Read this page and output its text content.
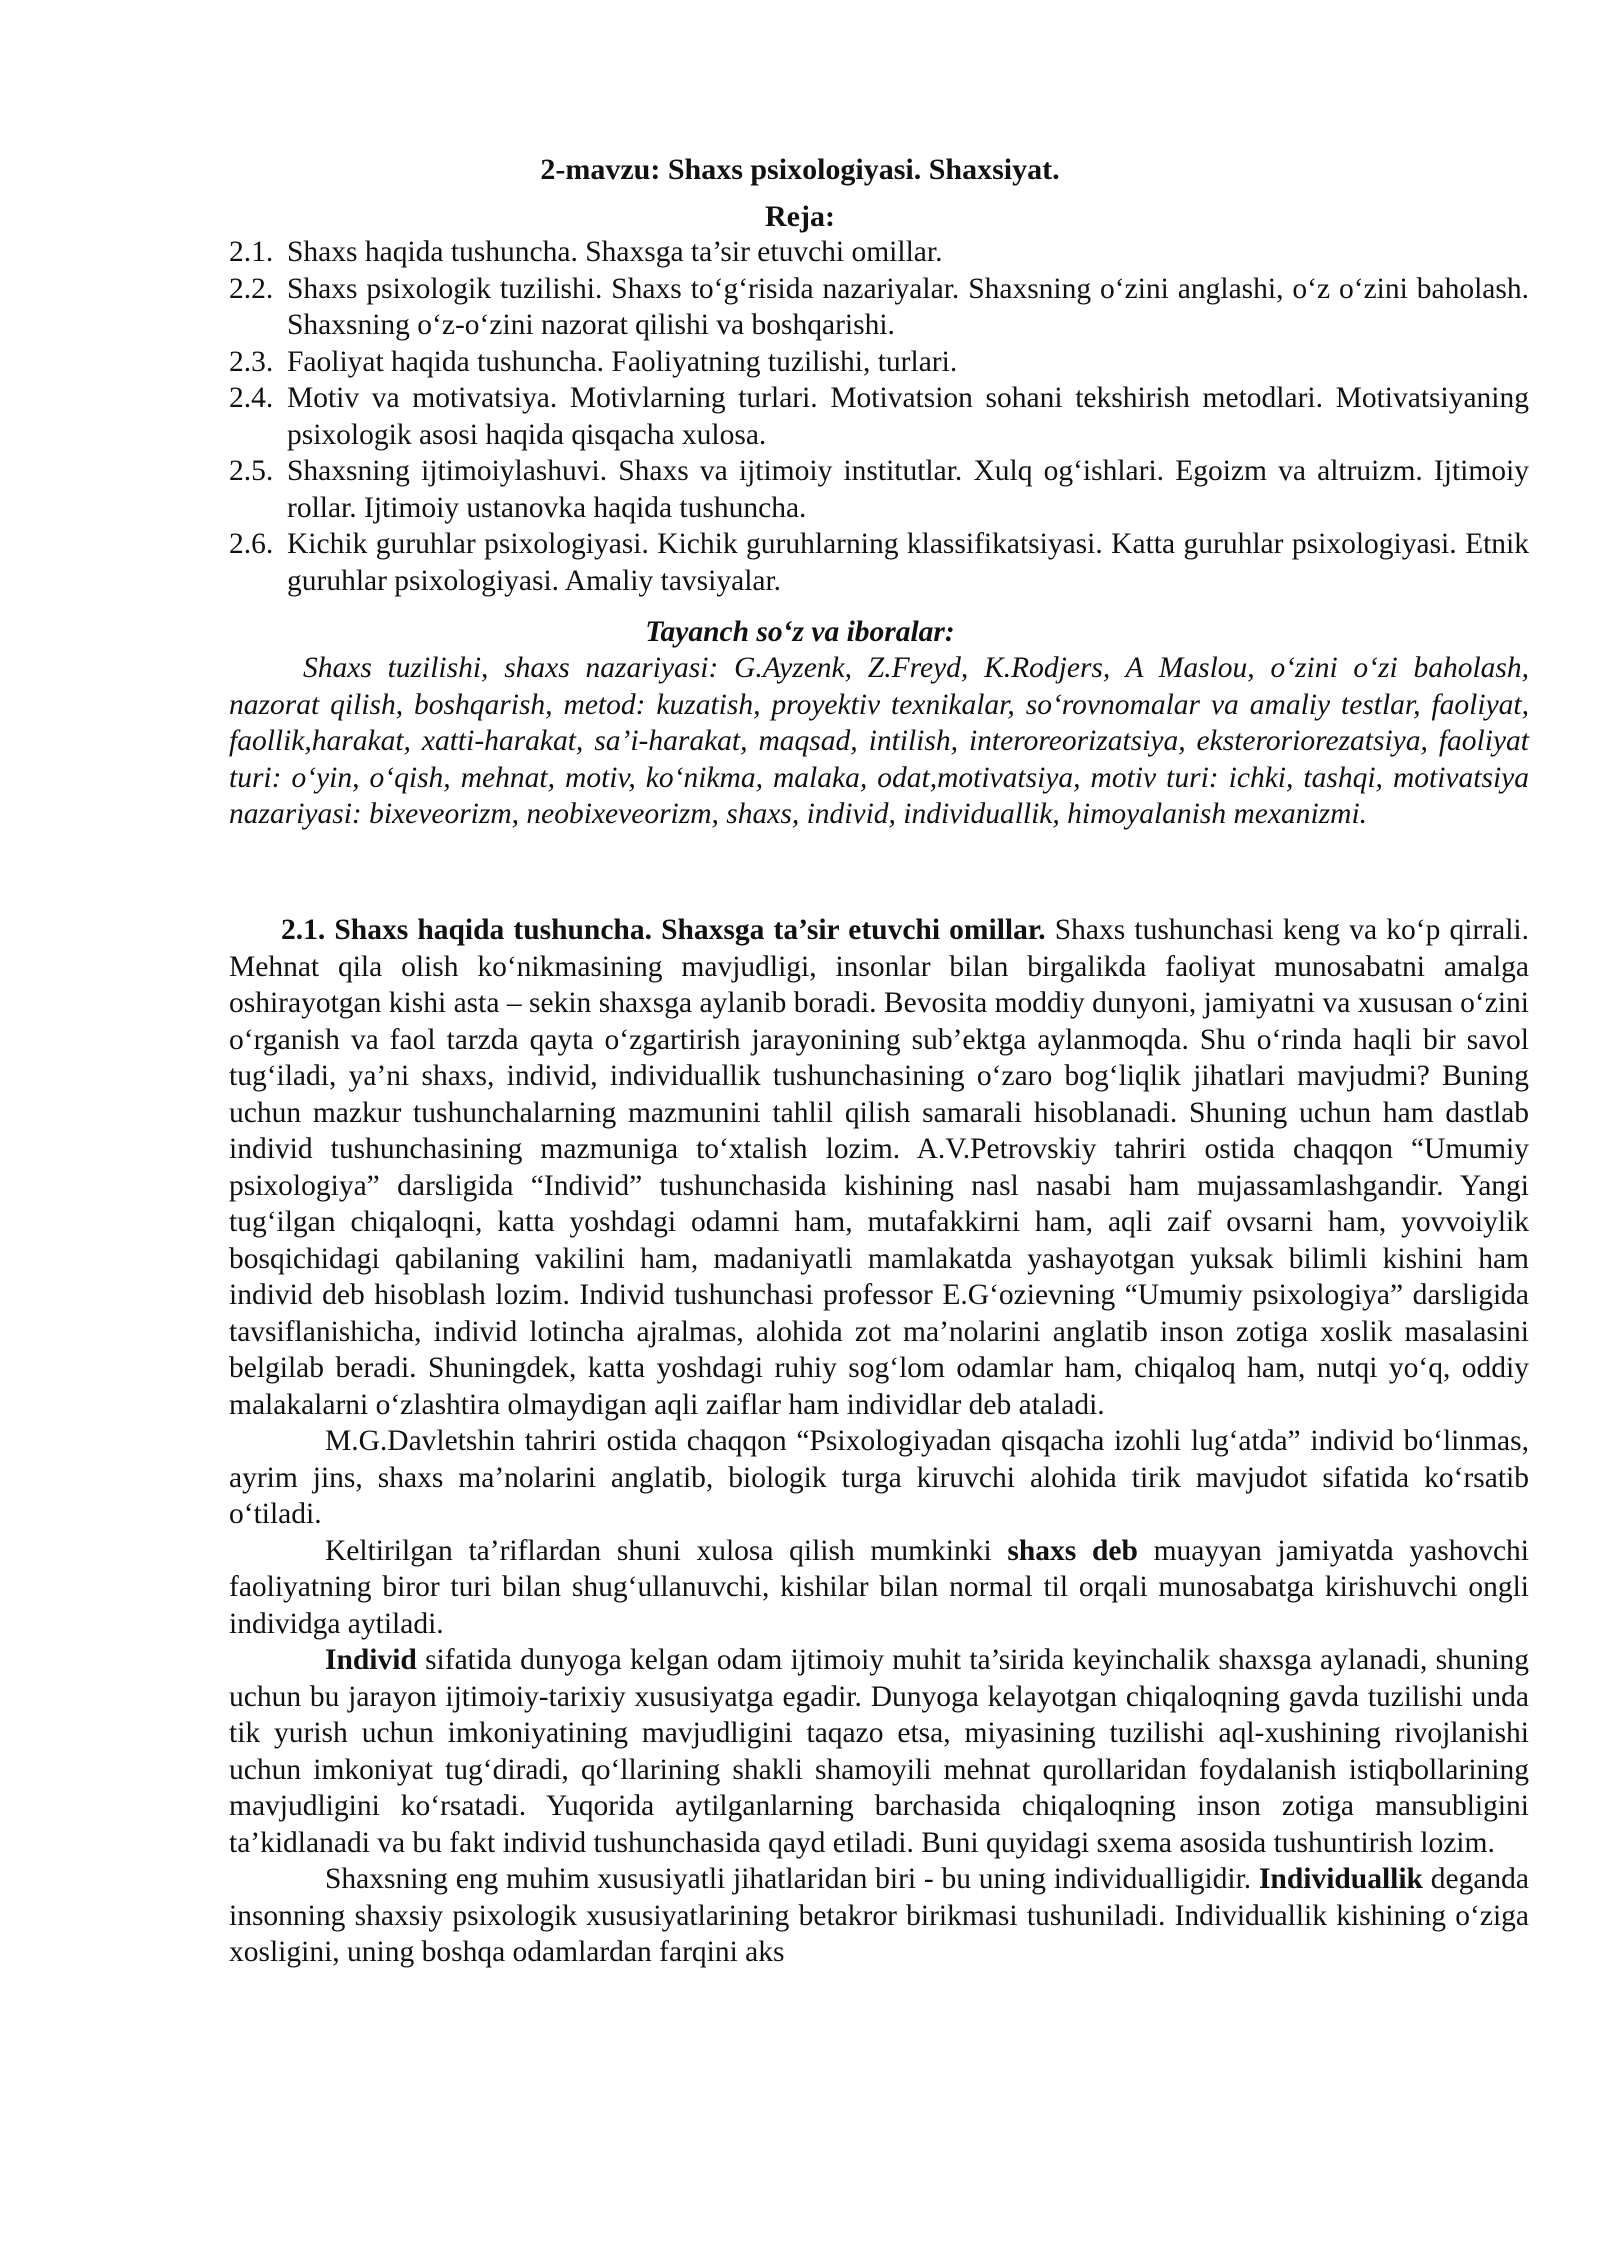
2-mavzu: Shaxs psixologiyasi. Shaxsiyat.
Reja:
2.1. Shaxs haqida tushuncha. Shaxsga ta’sir etuvchi omillar.
2.2. Shaxs psixologik tuzilishi. Shaxs to‘g‘risida nazariyalar. Shaxsning o‘zini anglashi, o‘z o‘zini baholash. Shaxsning o‘z-o‘zini nazorat qilishi va boshqarishi.
2.3. Faoliyat haqida tushuncha. Faoliyatning tuzilishi, turlari.
2.4. Motiv va motivatsiya. Motivlarning turlari. Motivatsion sohani tekshirish metodlari. Motivatsiyaning psixologik asosi haqida qisqacha xulosa.
2.5. Shaxsning ijtimoiylashuvi. Shaxs va ijtimoiy institutlar. Xulq og‘ishlari. Egoizm va altruizm. Ijtimoiy rollar. Ijtimoiy ustanovka haqida tushuncha.
2.6. Kichik guruhlar psixologiyasi. Kichik guruhlarning klassifikatsiyasi. Katta guruhlar psixologiyasi. Etnik guruhlar psixologiyasi. Amaliy tavsiyalar.
Tayanch so‘z va iboralar:
Shaxs tuzilishi, shaxs nazariyasi: G.Ayzenk, Z.Freyd, K.Rodjers, A Maslou, o‘zini o‘zi baholash, nazorat qilish, boshqarish, metod: kuzatish, proyektiv texnikalar, so‘rovnomalar va amaliy testlar, faoliyat, faollik,harakat, xatti-harakat, sa’i-harakat, maqsad, intilish, interoreorizatsiya, eksteroriorezatsiya, faoliyat turi: o‘yin, o‘qish, mehnat, motiv, ko‘nikma, malaka, odat,motivatsiya, motiv turi: ichki, tashqi, motivatsiya nazariyasi: bixeveorizm, neobixeveorizm, shaxs, individ, individuallik, himoyalanish mexanizmi.

2.1. Shaxs haqida tushuncha. Shaxsga ta’sir etuvchi omillar. Shaxs tushunchasi keng va ko‘p qirrali. Mehnat qila olish ko‘nikmasining mavjudligi, insonlar bilan birgalikda faoliyat munosabatni amalga oshirayotgan kishi asta – sekin shaxsga aylanib boradi. Bevosita moddiy dunyoni, jamiyatni va xususan o‘zini o‘rganish va faol tarzda qayta o‘zgartirish jarayonining sub’ektga aylanmoqda. Shu o‘rinda haqli bir savol tug‘iladi, ya’ni shaxs, individ, individuallik tushunchasining o‘zaro bog‘liqlik jihatlari mavjudmi? Buning uchun mazkur tushunchalarning mazmunini tahlil qilish samarali hisoblanadi. Shuning uchun ham dastlab individ tushunchasining mazmuniga to‘xtalish lozim. A.V.Petrovskiy tahriri ostida chaqqon “Umumiy psixologiya” darsligida “Individ” tushunchasida kishining nasl nasabi ham mujassamlashgandir. Yangi tug‘ilgan chiqaloqni, katta yoshdagi odamni ham, mutafakkirni ham, aqli zaif ovsarni ham, yovvoiylik bosqichidagi qabilaning vakilini ham, madaniyatli mamlakatda yashayotgan yuksak bilimli kishini ham individ deb hisoblash lozim. Individ tushunchasi professor E.G‘ozievning “Umumiy psixologiya” darsligida tavsiflanishicha, individ lotincha ajralmas, alohida zot ma’nolarini anglatib inson zotiga xoslik masalasini belgilab beradi. Shuningdek, katta yoshdagi ruhiy sog‘lom odamlar ham, chiqaloq ham, nutqi yo‘q, oddiy malakalarni o‘zlashtira olmaydigan aqli zaiflar ham individlar deb ataladi.

M.G.Davletshin tahriri ostida chaqqon “Psixologiyadan qisqacha izohli lug‘atda” individ bo‘linmas, ayrim jins, shaxs ma’nolarini anglatib, biologik turga kiruvchi alohida tirik mavjudot sifatida ko‘rsatib o‘tiladi.

Keltirilgan ta’riflardan shuni xulosa qilish mumkinki shaxs deb muayyan jamiyatda yashovchi faoliyatning biror turi bilan shug‘ullanuvchi, kishilar bilan normal til orqali munosabatga kirishuvchi ongli individga aytiladi.

Individ sifatida dunyoga kelgan odam ijtimoiy muhit ta’sirida keyinchalik shaxsga aylanadi, shuning uchun bu jarayon ijtimoiy-tarixiy xususiyatga egadir. Dunyoga kelayotgan chiqaloqning gavda tuzilishi unda tik yurish uchun imkoniyatining mavjudligini taqazo etsa, miyasining tuzilishi aql-xushining rivojlanishi uchun imkoniyat tug‘diradi, qo‘llarining shakli shamoyili mehnat qurollaridan foydalanish istiqbollarining mavjudligini ko‘rsatadi. Yuqorida aytilganlarning barchasida chiqaloqning inson zotiga mansubligini ta’kidlanadi va bu fakt individ tushunchasida qayd etiladi. Buni quyidagi sxema asosida tushuntirish lozim.

Shaxsning eng muhim xususiyatli jihatlaridan biri - bu uning individualligidir. Individuallik deganda insonning shaxsiy psixologik xususiyatlarining betakror birikmasi tushuniladi. Individuallik kishining o‘ziga xosligini, uning boshqa odamlardan farqini aks
